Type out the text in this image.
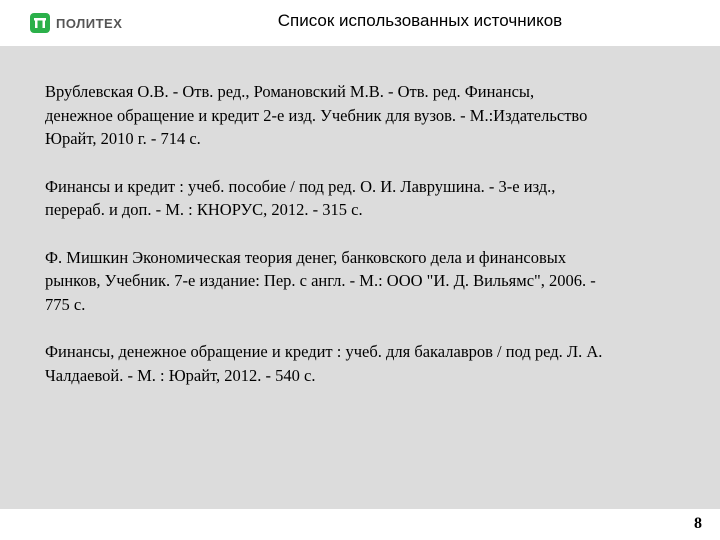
ПОЛИТЕХ	Список использованных источников
Врублевская О.В. - Отв. ред., Романовский М.В. - Отв. ред. Финансы, денежное обращение и кредит 2-е изд. Учебник для вузов. - М.:Издательство Юрайт, 2010 г. - 714 с.
Финансы и кредит : учеб. пособие / под ред. О. И. Лаврушина. - 3-е изд., перераб. и доп. - М. : КНОРУС, 2012. - 315 с.
Ф. Мишкин Экономическая теория денег, банковского дела и финансовых рынков, Учебник. 7-е издание: Пер. с англ. - М.: ООО "И. Д. Вильямс", 2006. - 775 с.
Финансы, денежное обращение и кредит : учеб. для бакалавров / под ред. Л. А. Чалдаевой. - М. : Юрайт, 2012. - 540 с.
8
